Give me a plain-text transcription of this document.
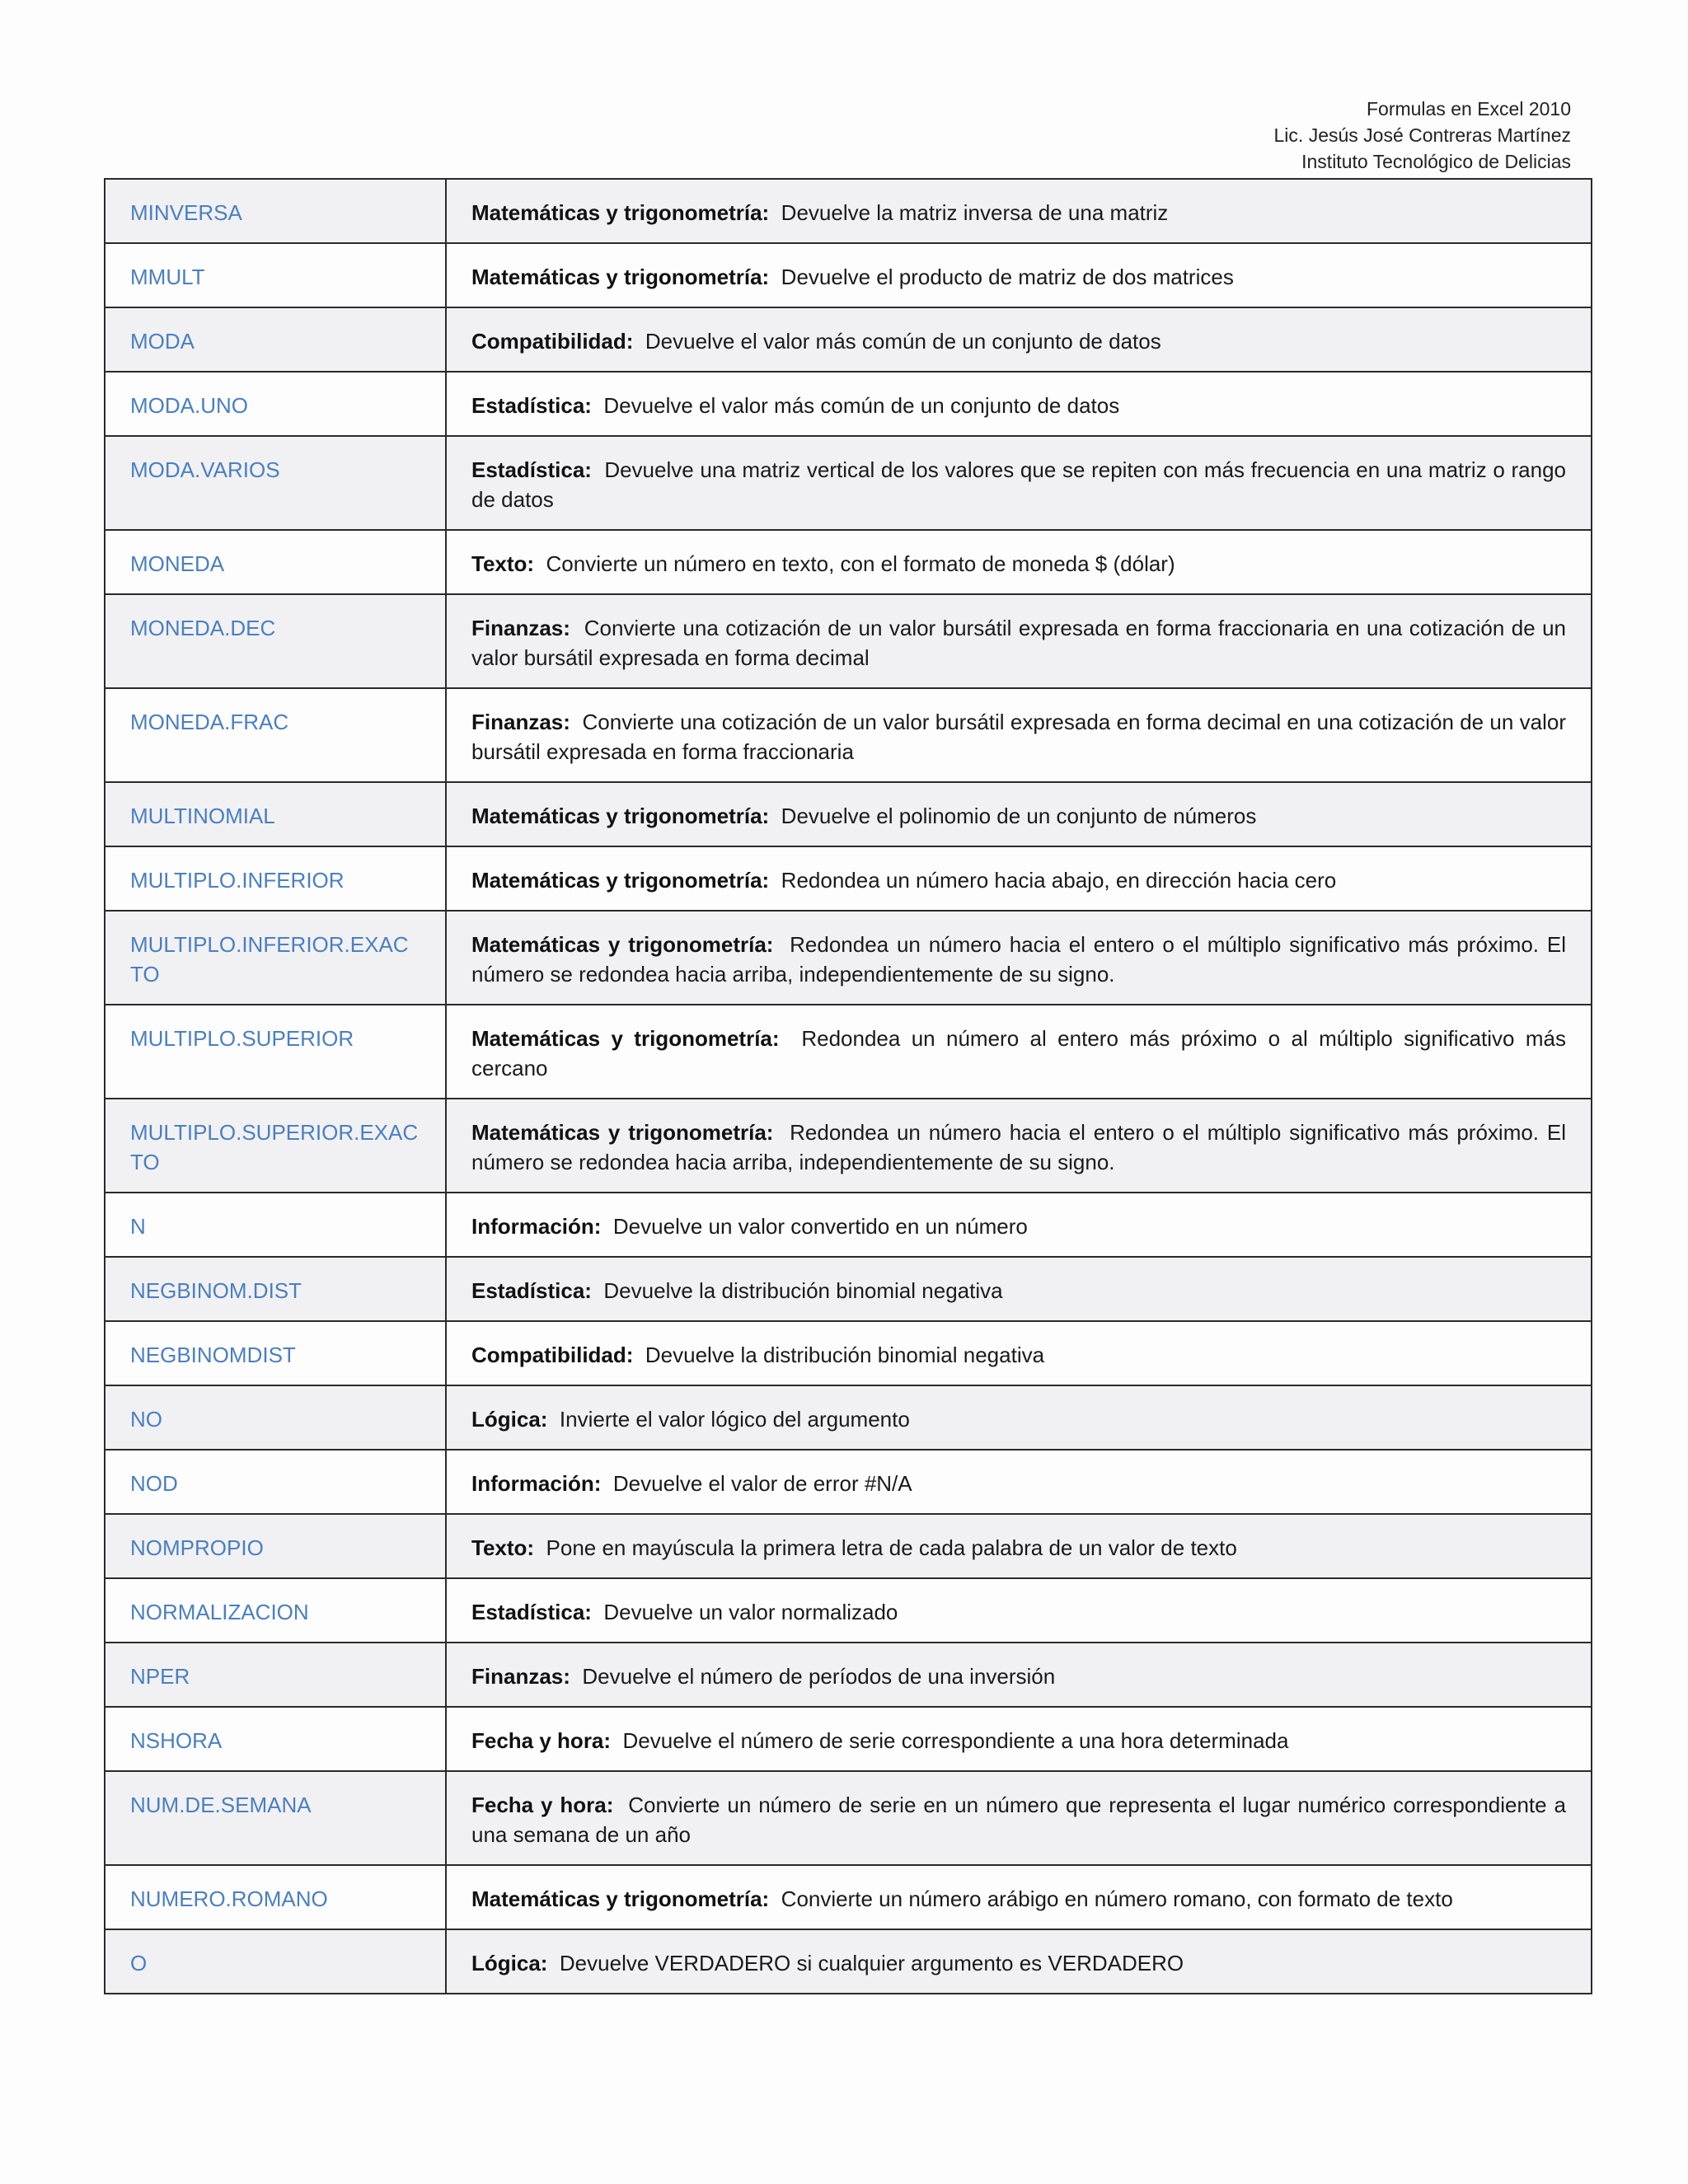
Formulas en Excel 2010
Lic. Jesús José Contreras Martínez
Instituto Tecnológico de Delicias
MINVERSA	Matemáticas y trigonometría: Devuelve la matriz inversa de una matriz
MMULT	Matemáticas y trigonometría: Devuelve el producto de matriz de dos matrices
MODA	Compatibilidad: Devuelve el valor más común de un conjunto de datos
MODA.UNO	Estadística: Devuelve el valor más común de un conjunto de datos
MODA.VARIOS	Estadística: Devuelve una matriz vertical de los valores que se repiten con más frecuencia en una matriz o rango de datos
MONEDA	Texto: Convierte un número en texto, con el formato de moneda $ (dólar)
MONEDA.DEC	Finanzas: Convierte una cotización de un valor bursátil expresada en forma fraccionaria en una cotización de un valor bursátil expresada en forma decimal
MONEDA.FRAC	Finanzas: Convierte una cotización de un valor bursátil expresada en forma decimal en una cotización de un valor bursátil expresada en forma fraccionaria
MULTINOMIAL	Matemáticas y trigonometría: Devuelve el polinomio de un conjunto de números
MULTIPLO.INFERIOR	Matemáticas y trigonometría: Redondea un número hacia abajo, en dirección hacia cero
MULTIPLO.INFERIOR.EXACTO	Matemáticas y trigonometría: Redondea un número hacia el entero o el múltiplo significativo más próximo. El número se redondea hacia arriba, independientemente de su signo.
MULTIPLO.SUPERIOR	Matemáticas y trigonometría: Redondea un número al entero más próximo o al múltiplo significativo más cercano
MULTIPLO.SUPERIOR.EXACTO	Matemáticas y trigonometría: Redondea un número hacia el entero o el múltiplo significativo más próximo. El número se redondea hacia arriba, independientemente de su signo.
N	Información: Devuelve un valor convertido en un número
NEGBINOM.DIST	Estadística: Devuelve la distribución binomial negativa
NEGBINOMDIST	Compatibilidad: Devuelve la distribución binomial negativa
NO	Lógica: Invierte el valor lógico del argumento
NOD	Información: Devuelve el valor de error #N/A
NOMPROPIO	Texto: Pone en mayúscula la primera letra de cada palabra de un valor de texto
NORMALIZACION	Estadística: Devuelve un valor normalizado
NPER	Finanzas: Devuelve el número de períodos de una inversión
NSHORA	Fecha y hora: Devuelve el número de serie correspondiente a una hora determinada
NUM.DE.SEMANA	Fecha y hora: Convierte un número de serie en un número que representa el lugar numérico correspondiente a una semana de un año
NUMERO.ROMANO	Matemáticas y trigonometría: Convierte un número arábigo en número romano, con formato de texto
O	Lógica: Devuelve VERDADERO si cualquier argumento es VERDADERO
